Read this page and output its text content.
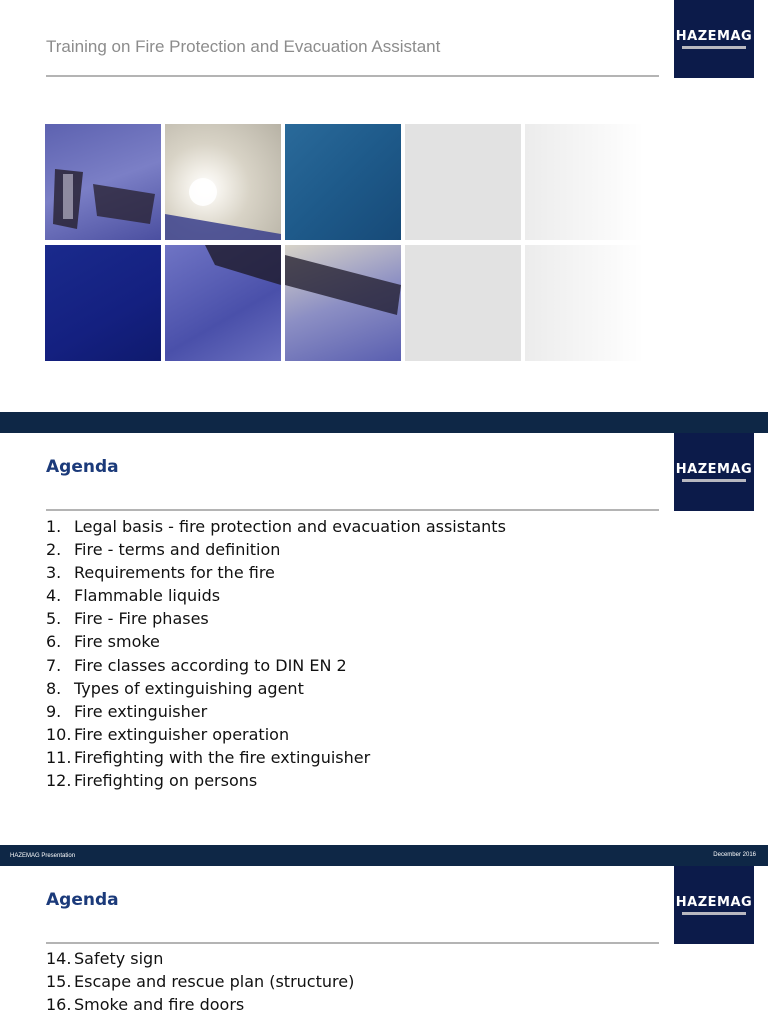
Training on Fire Protection and Evacuation Assistant
HAZEMAG
Agenda	HAZEMAG
1. Legal basis - fire protection and evacuation assistants
2. Fire - terms and definition
3. Requirements for the fire
4. Flammable liquids
5. Fire - Fire phases
6. Fire smoke
7. Fire classes according to DIN EN 2
8. Types of extinguishing agent
9. Fire extinguisher
10. Fire extinguisher operation
11. Firefighting with the fire extinguisher
12. Firefighting on persons
HAZEMAG Presentation	December 2016
Agenda	HAZEMAG
14. Safety sign
15. Escape and rescue plan (structure)
16. Smoke and fire doors
